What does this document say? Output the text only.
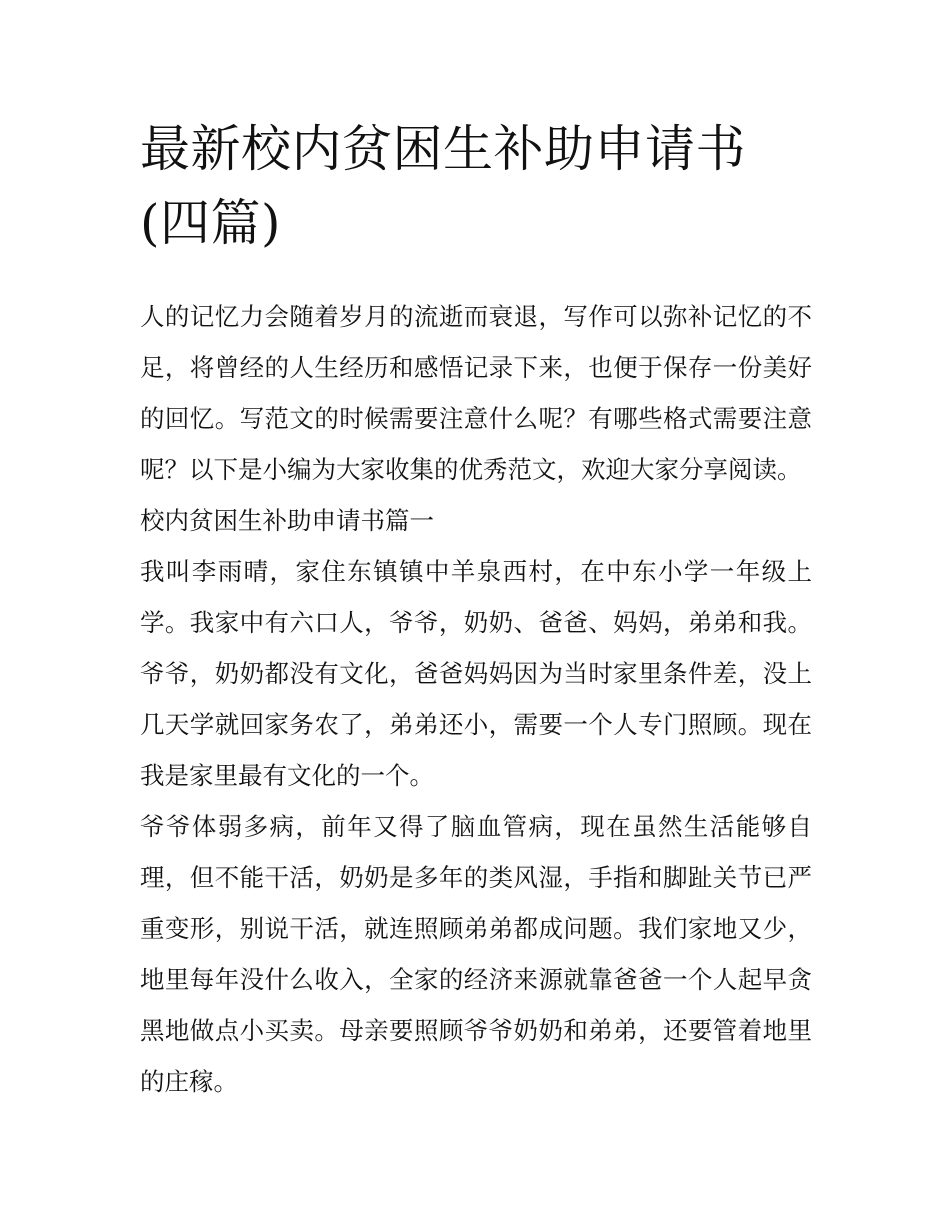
最新校内贫困生补助申请书(四篇)

人的记忆力会随着岁月的流逝而衰退，写作可以弥补记忆的不足，将曾经的人生经历和感悟记录下来，也便于保存一份美好的回忆。写范文的时候需要注意什么呢？有哪些格式需要注意呢？以下是小编为大家收集的优秀范文，欢迎大家分享阅读。

校内贫困生补助申请书篇一

我叫李雨晴，家住东镇镇中羊泉西村，在中东小学一年级上学。我家中有六口人，爷爷，奶奶、爸爸、妈妈，弟弟和我。爷爷，奶奶都没有文化，爸爸妈妈因为当时家里条件差，没上几天学就回家务农了，弟弟还小，需要一个人专门照顾。现在我是家里最有文化的一个。

爷爷体弱多病，前年又得了脑血管病，现在虽然生活能够自理，但不能干活，奶奶是多年的类风湿，手指和脚趾关节已严重变形，别说干活，就连照顾弟弟都成问题。我们家地又少，地里每年没什么收入，全家的经济来源就靠爸爸一个人起早贪黑地做点小买卖。母亲要照顾爷爷奶奶和弟弟，还要管着地里的庄稼。
